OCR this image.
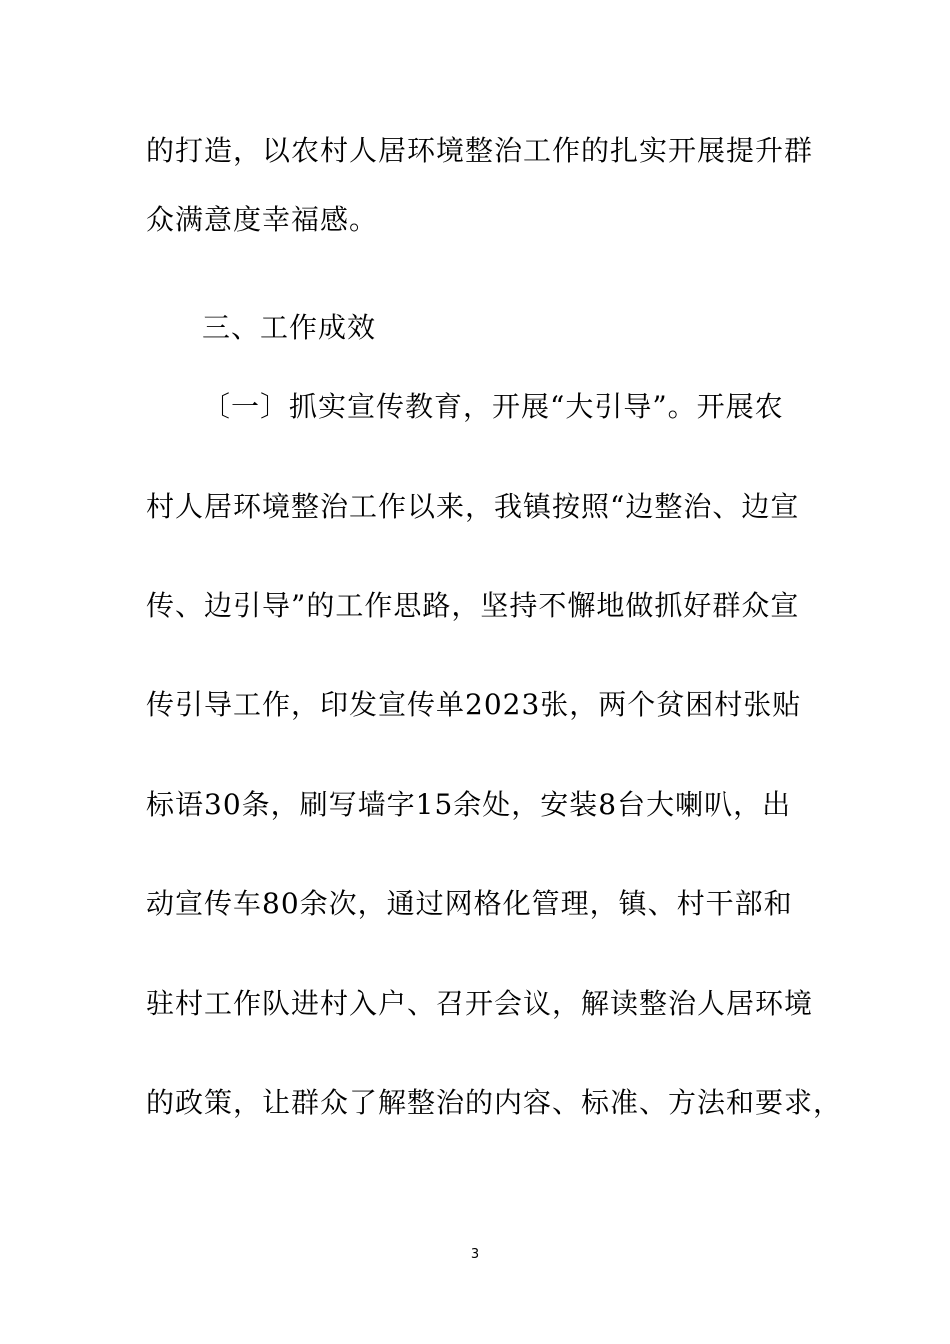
的打造，以农村人居环境整治工作的扎实开展提升群
众满意度幸福感。
三、工作成效
〔一〕抓实宣传教育，开展“大引导”。开展农
村人居环境整治工作以来，我镇按照“边整治、边宣
传、边引导”的工作思路，坚持不懈地做抓好群众宣
传引导工作，印发宣传单2023张，两个贫困村张贴
标语30条，刷写墙字15余处，安装8台大喇叭，出
动宣传车80余次，通过网格化管理，镇、村干部和
驻村工作队进村入户、召开会议，解读整治人居环境
的政策，让群众了解整治的内容、标准、方法和要求，
3
